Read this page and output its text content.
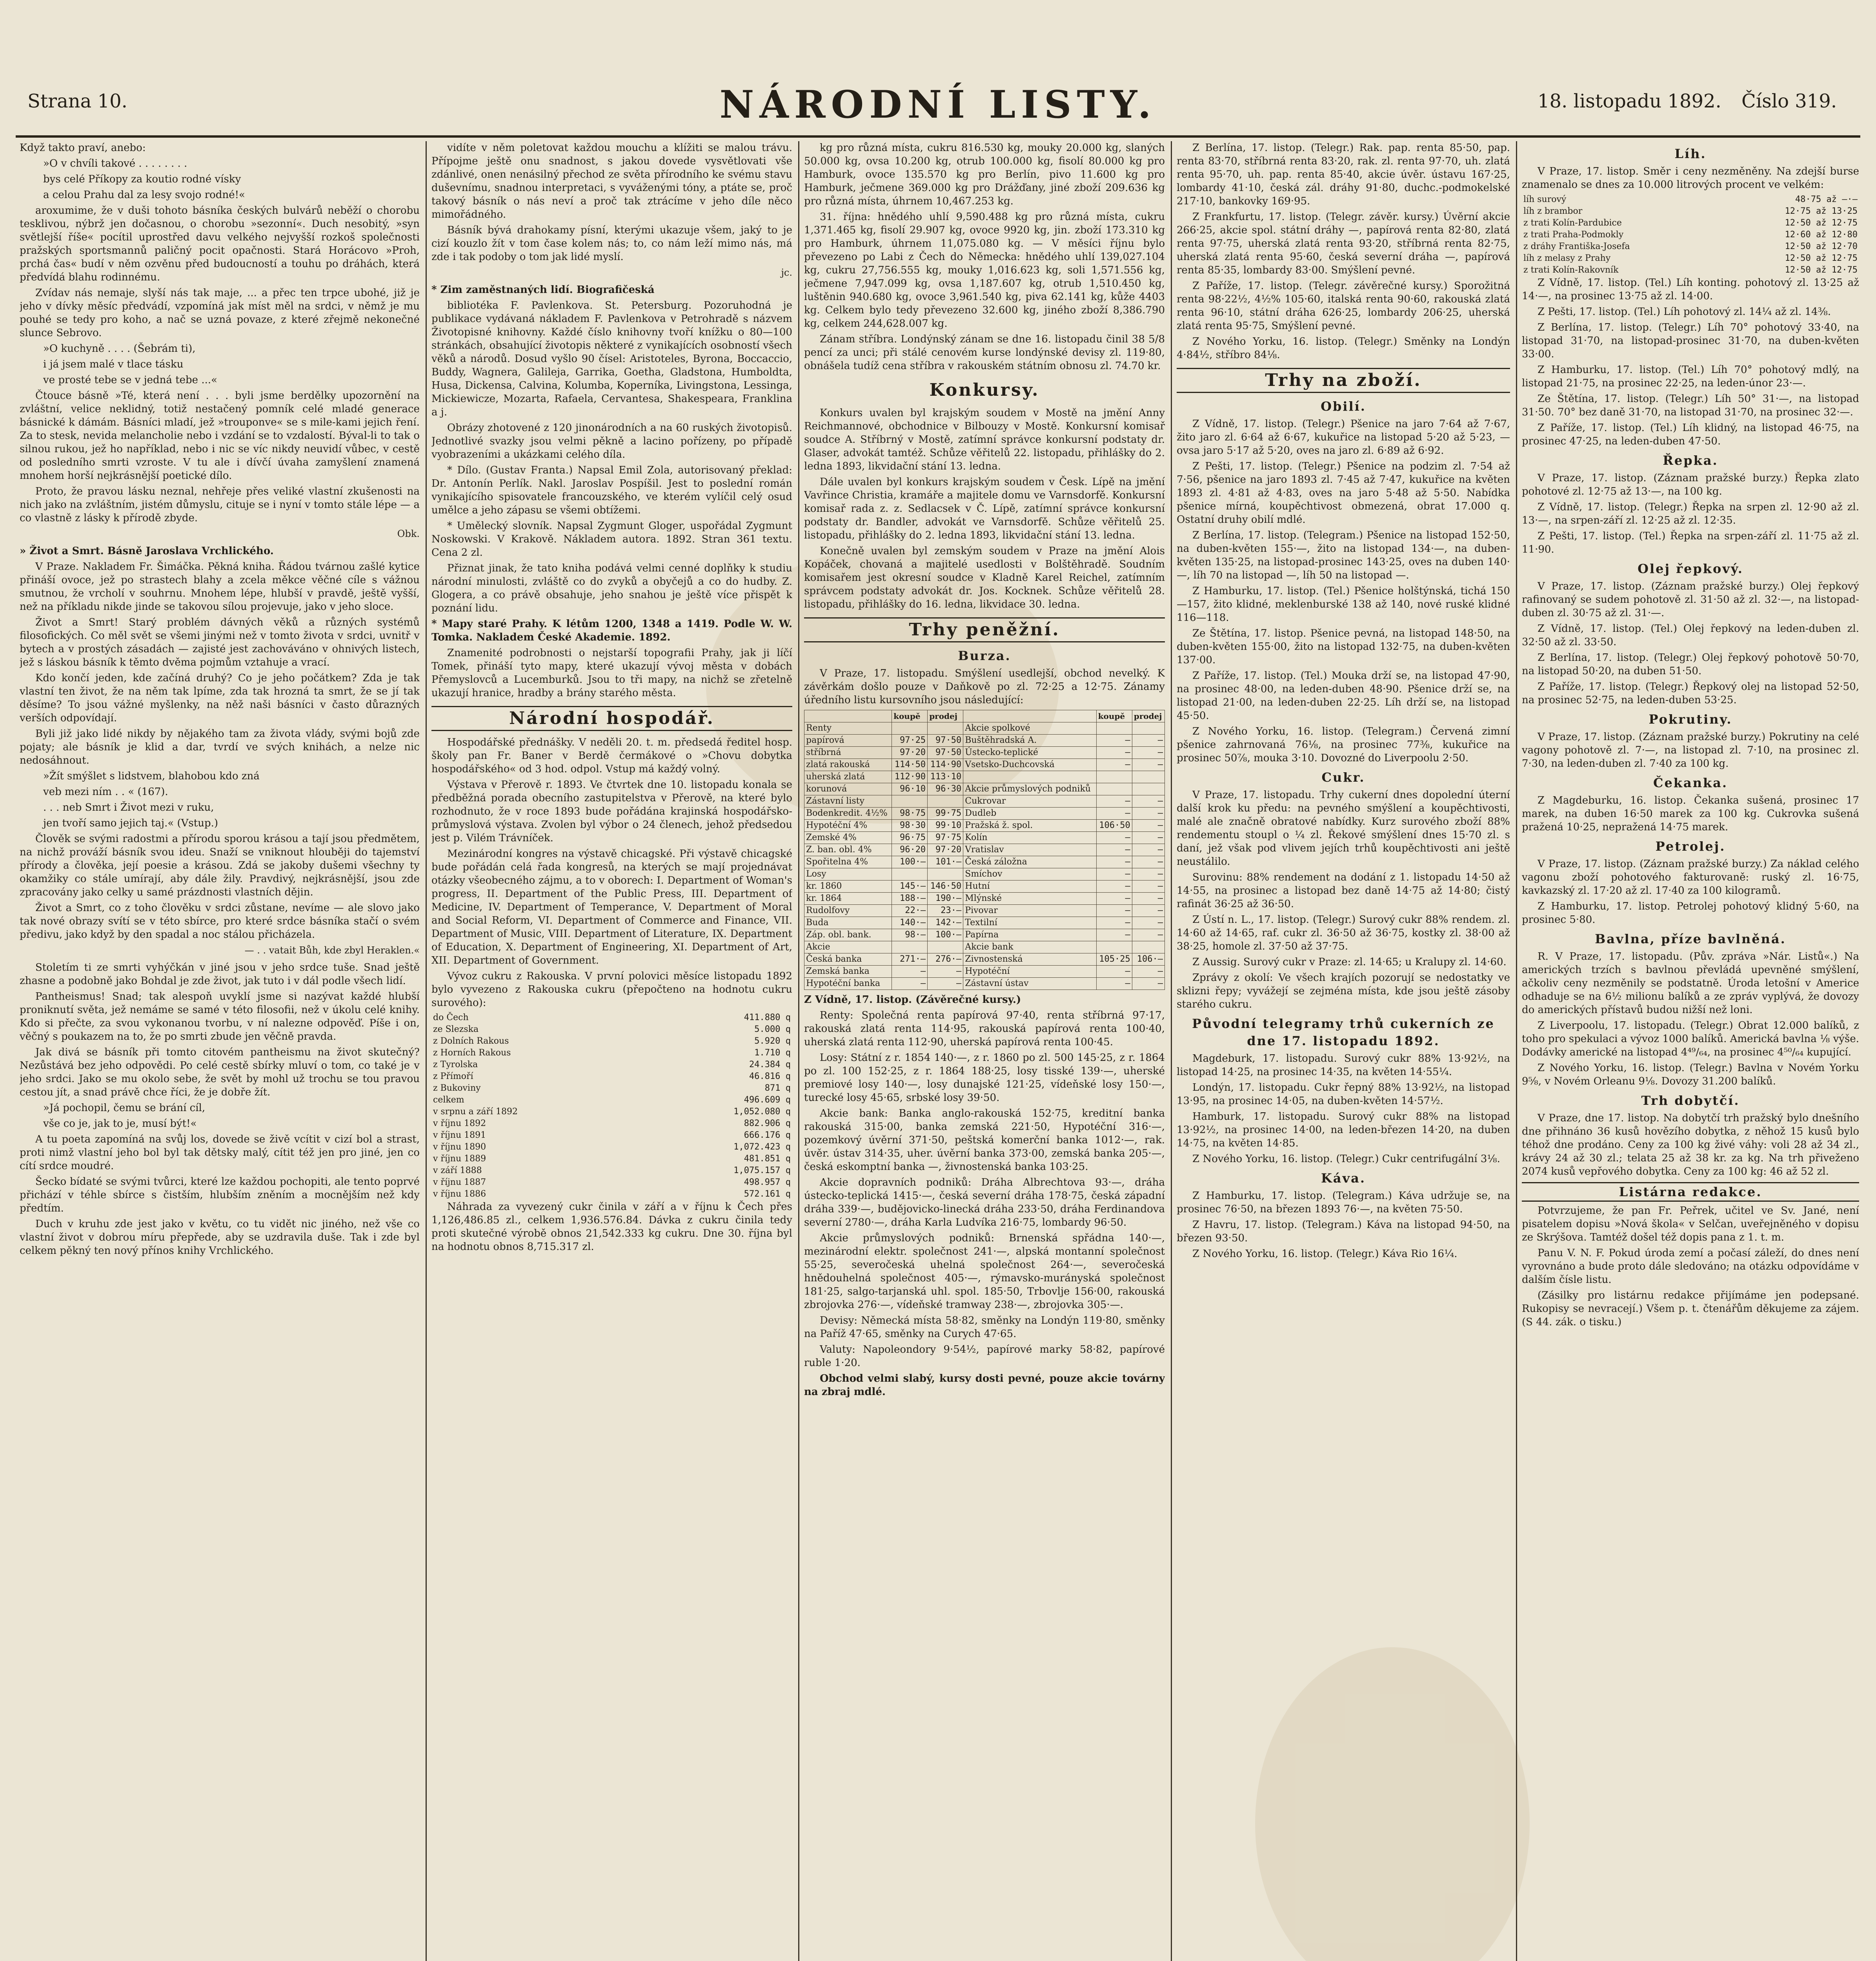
Strana 10.	NÁRODNÍ LISTY.	18. listopadu 1892. Číslo 319.

Když takto praví, anebo:

»O v chvíli takové . . . . . . . .

bys celé Příkopy za koutio rodné vísky

a celou Prahu dal za lesy svojo rodné!«

aroxumime, že v duši tohoto básníka českých bulvárů neběží o chorobu tesklivou, nýbrž jen dočasnou, o chorobu »sezonní«. Duch nesobitý, »syn světlejší říše« pocítil uprostřed davu velkého nejvyšší rozkoš společnosti pražských sportsmannů paličný pocit opačnosti. Stará Horácovo »Proh, prchá čas« budí v něm ozvěnu před budoucností a touhu po dráhách, která předvídá blahu rodinnému.

Zvídav nás nemaje, slyší nás tak maje, ... a přec ten trpce ubohé, již je jeho v dívky měsíc předvádí, vzpomíná jak míst měl na srdci, v němž je mu pouhé se tedy pro koho, a nač se uzná povaze, z které zřejmě nekonečné slunce Sebrovo.

»O kuchyně . . . . (Šebrám ti),

i já jsem malé v tlace tásku

ve prosté tebe se v jedná tebe ...«

Čtouce básně »Té, která není . . . byli jsme berdělky upozornění na zvláštní, velice neklidný, totiž nestačený pomník celé mladé generace básnické k dámám. Básníci mladí, jež »trouponve« se s mile-kami jejich ření. Za to stesk, nevida melancholie nebo i vzdání se to vzdalostí. Býval-li to tak o silnou rukou, jež ho například, nebo i nic se víc nikdy neuvidí vůbec, v cestě od posledního smrti vzroste. V tu ale i dívčí úvaha zamyšlení znamená mnohem horší nejkrásnější poetické dílo.

Proto, že pravou lásku neznal, nehřeje přes veliké vlastní zkušenosti na nich jako na zvláštním, jistém důmyslu, cituje se i nyní v tomto stále lépe — a co vlastně z lásky k přírodě zbyde.

Obk.

» Život a Smrt. Básně Jaroslava Vrchlického.

V Praze. Nakladem Fr. Šimáčka. Pěkná kniha. Řádou tvárnou zašlé kytice přináší ovoce, jež po strastech blahy a zcela měkce věčné cíle s vážnou smutnou, že vrcholí v souhrnu. Mnohem lépe, hlubší v pravdě, ještě vyšší, než na příkladu nikde jinde se takovou sílou projevuje, jako v jeho sloce.

Život a Smrt! Starý problém dávných věků a různých systémů filosofických. Co měl svět se všemi jinými než v tomto života v srdci, uvnitř v bytech a v prostých zásadách — zajisté jest zachováváno v ohnivých listech, jež s láskou básník k těmto dvěma pojmům vztahuje a vrací.

Kdo končí jeden, kde začíná druhý? Co je jeho počátkem? Zda je tak vlastní ten život, že na něm tak lpíme, zda tak hrozná ta smrt, že se jí tak děsíme? To jsou vážné myšlenky, na něž naši básníci v často důrazných verších odpovídají.

Byli již jako lidé nikdy by nějakého tam za života vlády, svými bojů zde pojaty; ale básník je klid a dar, tvrdí ve svých knihách, a nelze nic nedosáhnout.

»Žít smýšlet s lidstvem, blahobou kdo zná

veb mezi ním . . « (167).

. . . neb Smrt i Život mezi v ruku,

jen tvoří samo jejich taj.« (Vstup.)

Člověk se svými radostmi a přírodu sporou krásou a tají jsou předmětem, na nichž prováží básník svou ideu. Snaží se vniknout hlouběji do tajemství přírody a člověka, její poesie a krásou. Zdá se jakoby dušemi všechny ty okamžiky co stále umírají, aby dále žily. Pravdivý, nejkrásnější, jsou zde zpracovány jako celky u samé prázdnosti vlastních dějin.

Život a Smrt, co z toho člověku v srdci zůstane, nevíme — ale slovo jako tak nové obrazy svítí se v této sbírce, pro které srdce básníka stačí o svém předivu, jako když by den spadal a noc stálou přicházela.

— . . vatait Bůh, kde zbyl Heraklen.«

Stoletím ti ze smrti vyhýčkán v jiné jsou v jeho srdce tuše. Snad ještě zhasne a podobně jako Bohdal je zde život, jak tuto i v dál podle všech lidí.

Pantheismus! Snad; tak alespoň uvyklí jsme si nazývat každé hlubší proniknutí světa, jež nemáme se samé v této filosofii, než v úkolu celé knihy. Kdo si přečte, za svou vykonanou tvorbu, v ní nalezne odpověď. Píše i on, věčný s poukazem na to, že po smrti zbude jen věčně pravda.

Jak divá se básník při tomto citovém pantheismu na život skutečný? Nezůstává bez jeho odpovědi. Po celé cestě sbírky mluví o tom, co také je v jeho srdci. Jako se mu okolo sebe, že svět by mohl už trochu se tou pravou cestou jít, a snad právě chce říci, že je dobře žít.

»Já pochopil, čemu se brání cíl,

vše co je, jak to je, musí být!«

A tu poeta zapomíná na svůj los, dovede se živě vcítit v cizí bol a strast, proti nimž vlastní jeho bol byl tak dětsky malý, cítit též jen pro jiné, jen co cítí srdce moudré.

Šecko bídaté se svými tvůrci, které lze každou pochopiti, ale tento poprvé přichází v téhle sbírce s čistším, hlubším zněním a mocnějším než kdy předtím.

Duch v kruhu zde jest jako v květu, co tu vidět nic jiného, než vše co vlastní život v dobrou míru přepřede, aby se uzdravila duše. Tak i zde byl celkem pěkný ten nový přínos knihy Vrchlického.

vidíte v něm poletovat každou mouchu a klížiti se malou trávu. Přípojme ještě onu snadnost, s jakou dovede vysvětlovati vše zdánlivé, onen nenásilný přechod ze světa přírodního ke svému stavu duševnímu, snadnou interpretaci, s vyváženými tóny, a ptáte se, proč takový básník o nás neví a proč tak ztrácíme v jeho díle něco mimořádného.

Básník bývá drahokamy písní, kterými ukazuje všem, jaký to je cizí kouzlo žít v tom čase kolem nás; to, co nám leží mimo nás, má zde i tak podoby o tom jak lidé myslí.

jc.

* Zim zaměstnaných lidí. Biografičeská

bibliotéka F. Pavlenkova. St. Petersburg. Pozoruhodná je publikace vydávaná nákladem F. Pavlenkova v Petrohradě s názvem Životopisné knihovny. Každé číslo knihovny tvoří knížku o 80—100 stránkách, obsahující životopis některé z vynikajících osobností všech věků a národů. Dosud vyšlo 90 čísel: Aristoteles, Byrona, Boccaccio, Buddy, Wagnera, Galileja, Garrika, Goetha, Gladstona, Humboldta, Husa, Dickensa, Calvina, Kolumba, Koperníka, Livingstona, Lessinga, Mickiewicze, Mozarta, Rafaela, Cervantesa, Shakespeara, Franklina a j.

Obrázy zhotovené z 120 jinonárodních a na 60 ruských životopisů. Jednotlivé svazky jsou velmi pěkně a lacino pořízeny, po případě vyobrazeními a ukázkami celého díla.

* Dílo. (Gustav Franta.) Napsal Emil Zola, autorisovaný překlad: Dr. Antonín Perlík. Nakl. Jaroslav Pospíšil. Jest to poslední román vynikajícího spisovatele francouzského, ve kterém vylíčil celý osud umělce a jeho zápasu se všemi obtížemi.

* Umělecký slovník. Napsal Zygmunt Gloger, uspořádal Zygmunt Noskowski. V Krakově. Nákladem autora. 1892. Stran 361 textu. Cena 2 zl.

Přiznat jinak, že tato kniha podává velmi cenné doplňky k studiu národní minulosti, zvláště co do zvyků a obyčejů a co do hudby. Z. Glogera, a co právě obsahuje, jeho snahou je ještě více přispět k poznání lidu.

* Mapy staré Prahy. K létům 1200, 1348 a 1419. Podle W. W. Tomka. Nakladem České Akademie. 1892.

Znamenité podrobnosti o nejstarší topografii Prahy, jak ji líčí Tomek, přináší tyto mapy, které ukazují vývoj města v dobách Přemyslovců a Lucemburků. Jsou to tři mapy, na nichž se zřetelně ukazují hranice, hradby a brány starého města.

Národní hospodář.

Hospodářské přednášky. V neděli 20. t. m. předsedá ředitel hosp. školy pan Fr. Baner v Berdě čermákové o »Chovu dobytka hospodářského« od 3 hod. odpol. Vstup má každý volný.

Výstava v Přerově r. 1893. Ve čtvrtek dne 10. listopadu konala se předběžná porada obecního zastupitelstva v Přerově, na které bylo rozhodnuto, že v roce 1893 bude pořádána krajinská hospodářsko-průmyslová výstava. Zvolen byl výbor o 24 členech, jehož předsedou jest p. Vilém Trávníček.

Mezinárodní kongres na výstavě chicagské. Při výstavě chicagské bude pořádán celá řada kongresů, na kterých se mají projednávat otázky všeobecného zájmu, a to v oborech: I. Department of Woman's progress, II. Department of the Public Press, III. Department of Medicine, IV. Department of Temperance, V. Department of Moral and Social Reform, VI. Department of Commerce and Finance, VII. Department of Music, VIII. Department of Literature, IX. Department of Education, X. Department of Engineering, XI. Department of Art, XII. Department of Government.

Vývoz cukru z Rakouska. V první polovici měsíce listopadu 1892 bylo vyvezeno z Rakouska cukru (přepočteno na hodnotu cukru surového):

do Čech	411.880 q
ze Slezska	5.000 q
z Dolních Rakous	5.920 q
z Horních Rakous	1.710 q
z Tyrolska	24.384 q
z Přímoří	46.816 q
z Bukoviny	871 q
celkem	496.609 q
v srpnu a září 1892	1,052.080 q
v říjnu 1892	882.906 q
v říjnu 1891	666.176 q
v říjnu 1890	1,072.423 q
v říjnu 1889	481.851 q
v září 1888	1,075.157 q
v říjnu 1887	498.957 q
v říjnu 1886	572.161 q

Náhrada za vyvezený cukr činila v září a v říjnu k Čech přes 1,126,486.85 zl., celkem 1,936.576.84. Dávka z cukru činila tedy proti skutečné výrobě obnos 21,542.333 kg cukru. Dne 30. října byl na hodnotu obnos 8,715.317 zl.

kg pro různá místa, cukru 816.530 kg, mouky 20.000 kg, slaných 50.000 kg, ovsa 10.200 kg, otrub 100.000 kg, fisolí 80.000 kg pro Hamburk, ovoce 135.570 kg pro Berlín, pivo 11.600 kg pro Hamburk, ječmene 369.000 kg pro Drážďany, jiné zboží 209.636 kg pro různá místa, úhrnem 10,467.253 kg.

31. října: hnědého uhlí 9,590.488 kg pro různá místa, cukru 1,371.465 kg, fisolí 29.907 kg, ovoce 9920 kg, jin. zboží 173.310 kg pro Hamburk, úhrnem 11,075.080 kg. — V měsíci říjnu bylo převezeno po Labi z Čech do Německa: hnědého uhlí 139,027.104 kg, cukru 27,756.555 kg, mouky 1,016.623 kg, soli 1,571.556 kg, ječmene 7,947.099 kg, ovsa 1,187.607 kg, otrub 1,510.450 kg, luštěnin 940.680 kg, ovoce 3,961.540 kg, piva 62.141 kg, kůže 4403 kg. Celkem bylo tedy převezeno 32.600 kg, jiného zboží 8,386.790 kg, celkem 244,628.007 kg.

Zánam stříbra. Londýnský zánam se dne 16. listopadu činil 38 5/8 pencí za unci; při stálé cenovém kurse londýnské devisy zl. 119·80, obnášela tudíž cena stříbra v rakouském státním obnosu zl. 74.70 kr.

Konkursy.

Konkurs uvalen byl krajským soudem v Mostě na jmění Anny Reichmannové, obchodnice v Bilbouzy v Mostě. Konkursní komisař soudce A. Stříbrný v Mostě, zatímní správce konkursní podstaty dr. Glaser, advokát tamtéž. Schůze věřitelů 22. listopadu, přihlášky do 2. ledna 1893, likvidační stání 13. ledna.

Dále uvalen byl konkurs krajským soudem v Česk. Lípě na jmění Vavřince Christia, kramáře a majitele domu ve Varnsdorfě. Konkursní komisař rada z. z. Sedlacsek v Č. Lípě, zatímní správce konkursní podstaty dr. Bandler, advokát ve Varnsdorfě. Schůze věřitelů 25. listopadu, přihlášky do 2. ledna 1893, likvidační stání 13. ledna.

Konečně uvalen byl zemským soudem v Praze na jmění Alois Kopáček, chovaná a majitelé usedlosti v Bolštěhradě. Soudním komisařem jest okresní soudce v Kladně Karel Reichel, zatímním správcem podstaty advokát dr. Jos. Kocknek. Schůze věřitelů 28. listopadu, přihlášky do 16. ledna, likvidace 30. ledna.

Trhy peněžní.
Burza.

V Praze, 17. listopadu. Smýšlení usedlejší, obchod nevelký. K závěrkám došlo pouze v Daňkově po zl. 72·25 a 12·75. Zánamy úředního listu kursovního jsou následující:

	koupě	prodej		koupě	prodej
Renty			Akcie spolkové		
papírová	97·25	97·50	Buštěhradská A.	—	—
stříbrná	97·20	97·50	Ústecko-teplické	—	—
zlatá rakouská	114·50	114·90	Vsetsko-Duchcovská	—	—
uherská zlatá	112·90	113·10			
korunová	96·10	96·30	Akcie průmyslových podniků		
Zástavní listy			Cukrovar	—	—
Bodenkredit. 4½%	98·75	99·75	Dudleb	—	—
Hypotéční 4%	98·30	99·10	Pražská ž. spol.	106·50	—
Zemské 4%	96·75	97·75	Kolín	—	—
Z. ban. obl. 4%	96·20	97·20	Vratislav	—	—
Spořitelna 4%	100·—	101·—	Česká záložna	—	—
Losy			Smíchov	—	—
kr. 1860	145·—	146·50	Hutní	—	—
kr. 1864	188·—	190·—	Mlýnské	—	—
Rudolfovy	22·—	23·—	Pivovar	—	—
Buda	140·—	142·—	Textilní	—	—
Záp. obl. bank.	98·—	100·—	Papírna	—	—
Akcie			Akcie bank		
Česká banka	271·—	276·—	Zivnostenská	105·25	106·—
Zemská banka	—	—	Hypotéční	—	—
Hypotéční banka	—	—	Zástavní ústav	—	—

Z Vídně, 17. listop. (Závěrečné kursy.)

Renty: Společná renta papírová 97·40, renta stříbrná 97·17, rakouská zlatá renta 114·95, rakouská papírová renta 100·40, uherská zlatá renta 112·90, uherská papírová renta 100·45.

Losy: Státní z r. 1854 140·—, z r. 1860 po zl. 500 145·25, z r. 1864 po zl. 100 152·25, z r. 1864 188·25, losy tisské 139·—, uherské premiové losy 140·—, losy dunajské 121·25, vídeňské losy 150·—, turecké losy 45·65, srbské losy 39·50.

Akcie bank: Banka anglo-rakouská 152·75, kreditní banka rakouská 315·00, banka zemská 221·50, Hypotéční 316·—, pozemkový úvěrní 371·50, peštská komerční banka 1012·—, rak. úvěr. ústav 314·35, uher. úvěrní banka 373·00, zemská banka 205·—, česká eskomptní banka —, živnostenská banka 103·25.

Akcie dopravních podniků: Dráha Albrechtova 93·—, dráha ústecko-teplická 1415·—, česká severní dráha 178·75, česká západní dráha 339·—, budějovicko-linecká dráha 233·50, dráha Ferdinandova severní 2780·—, dráha Karla Ludvíka 216·75, lombardy 96·50.

Akcie průmyslových podniků: Brnenská spřádna 140·—, mezinárodní elektr. společnost 241·—, alpská montanní společnost 55·25, severočeská uhelná společnost 264·—, severočeská hnědouhelná společnost 405·—, rýmavsko-murányská společnost 181·25, salgo-tarjanská uhl. spol. 185·50, Trbovlje 156·00, rakouská zbrojovka 276·—, vídeňské tramway 238·—, zbrojovka 305·—.

Devisy: Německá místa 58·82, směnky na Londýn 119·80, směnky na Paříž 47·65, směnky na Curych 47·65.

Valuty: Napoleondory 9·54½, papírové marky 58·82, papírové ruble 1·20.

Obchod velmi slabý, kursy dosti pevné, pouze akcie továrny na zbraj mdlé.

Z Berlína, 17. listop. (Telegr.) Rak. pap. renta 85·50, pap. renta 83·70, stříbrná renta 83·20, rak. zl. renta 97·70, uh. zlatá renta 95·70, uh. pap. renta 85·40, akcie úvěr. ústavu 167·25, lombardy 41·10, česká zál. dráhy 91·80, duchc.-podmokelské 217·10, bankovky 169·95.

Z Frankfurtu, 17. listop. (Telegr. závěr. kursy.) Úvěrní akcie 266·25, akcie spol. státní dráhy —, papírová renta 82·80, zlatá renta 97·75, uherská zlatá renta 93·20, stříbrná renta 82·75, uherská zlatá renta 95·60, česká severní dráha —, papírová renta 85·35, lombardy 83·00. Smýšlení pevné.

Z Paříže, 17. listop. (Telegr. závěrečné kursy.) Sporožitná renta 98·22½, 4½% 105·60, italská renta 90·60, rakouská zlatá renta 96·10, státní dráha 626·25, lombardy 206·25, uherská zlatá renta 95·75, Smýšlení pevné.

Z Nového Yorku, 16. listop. (Telegr.) Směnky na Londýn 4·84½, stříbro 84⅛.

Trhy na zboží.
Obilí.

Z Vídně, 17. listop. (Telegr.) Pšenice na jaro 7·64 až 7·67, žito jaro zl. 6·64 až 6·67, kukuřice na listopad 5·20 až 5·23, — ovsa jaro 5·17 až 5·20, oves na jaro zl. 6·89 až 6·92.

Z Pešti, 17. listop. (Telegr.) Pšenice na podzim zl. 7·54 až 7·56, pšenice na jaro 1893 zl. 7·45 až 7·47, kukuřice na květen 1893 zl. 4·81 až 4·83, oves na jaro 5·48 až 5·50. Nabídka pšenice mírná, koupěchtivost obmezená, obrat 17.000 q. Ostatní druhy obilí mdlé.

Z Berlína, 17. listop. (Telegram.) Pšenice na listopad 152·50, na duben-květen 155·—, žito na listopad 134·—, na duben-květen 135·25, na listopad-prosinec 143·25, oves na duben 140·—, líh 70 na listopad —, líh 50 na listopad —.

Z Hamburku, 17. listop. (Tel.) Pšenice holštýnská, tichá 150—157, žito klidné, meklenburské 138 až 140, nové ruské klidné 116—118.

Ze Štětína, 17. listop. Pšenice pevná, na listopad 148·50, na duben-květen 155·00, žito na listopad 132·75, na duben-květen 137·00.

Z Paříže, 17. listop. (Tel.) Mouka drží se, na listopad 47·90, na prosinec 48·00, na leden-duben 48·90. Pšenice drží se, na listopad 21·00, na leden-duben 22·25. Líh drží se, na listopad 45·50.

Z Nového Yorku, 16. listop. (Telegram.) Červená zimní pšenice zahrnovaná 76⅛, na prosinec 77⅜, kukuřice na prosinec 50⅞, mouka 3·10. Dovozné do Liverpoolu 2·50.

Cukr.

V Praze, 17. listopadu. Trhy cukerní dnes dopolední úterní další krok ku předu: na pevného smýšlení a koupěchtivosti, malé ale značně obratové nabídky. Kurz surového zboží 88% rendementu stoupl o ¼ zl. Řekové smýšlení dnes 15·70 zl. s daní, jež však pod vlivem jejích trhů koupěchtivosti ani ještě neustálilo.

Surovinu: 88% rendement na dodání z 1. listopadu 14·50 až 14·55, na prosinec a listopad bez daně 14·75 až 14·80; čistý rafinát 36·25 až 36·50.

Z Ústí n. L., 17. listop. (Telegr.) Surový cukr 88% rendem. zl. 14·60 až 14·65, raf. cukr zl. 36·50 až 36·75, kostky zl. 38·00 až 38·25, homole zl. 37·50 až 37·75.

Z Aussig. Surový cukr v Praze: zl. 14·65; u Kralupy zl. 14·60.

Zprávy z okolí: Ve všech krajích pozorují se nedostatky ve sklizni řepy; vyvážejí se zejména místa, kde jsou ještě zásoby starého cukru.

Původní telegramy trhů cukerních ze dne 17. listopadu 1892.

Magdeburk, 17. listopadu. Surový cukr 88% 13·92½, na listopad 14·25, na prosinec 14·35, na květen 14·55¼.

Londýn, 17. listopadu. Cukr řepný 88% 13·92½, na listopad 13·95, na prosinec 14·05, na duben-květen 14·57½.

Hamburk, 17. listopadu. Surový cukr 88% na listopad 13·92½, na prosinec 14·00, na leden-březen 14·20, na duben 14·75, na květen 14·85.

Z Nového Yorku, 16. listop. (Telegr.) Cukr centrifugální 3⅛.

Káva.

Z Hamburku, 17. listop. (Telegram.) Káva udržuje se, na prosinec 76·50, na březen 1893 76·—, na květen 75·50.

Z Havru, 17. listop. (Telegram.) Káva na listopad 94·50, na březen 93·50.

Z Nového Yorku, 16. listop. (Telegr.) Káva Rio 16¼.

Líh.

V Praze, 17. listop. Směr i ceny nezměněny. Na zdejší burse znamenalo se dnes za 10.000 litrových procent ve velkém:

líh surový	48·75 až —·—
líh z brambor	12·75 až 13·25
z trati Kolín-Pardubice	12·50 až 12·75
z trati Praha-Podmokly	12·60 až 12·80
z dráhy Františka-Josefa	12·50 až 12·70
líh z melasy z Prahy	12·50 až 12·75
z trati Kolín-Rakovník	12·50 až 12·75

Z Vídně, 17. listop. (Tel.) Líh konting. pohotový zl. 13·25 až 14·—, na prosinec 13·75 až zl. 14·00.

Z Pešti, 17. listop. (Tel.) Líh pohotový zl. 14¼ až zl. 14⅜.

Z Berlína, 17. listop. (Telegr.) Líh 70° pohotový 33·40, na listopad 31·70, na listopad-prosinec 31·70, na duben-květen 33·00.

Z Hamburku, 17. listop. (Tel.) Líh 70° pohotový mdlý, na listopad 21·75, na prosinec 22·25, na leden-únor 23·—.

Ze Štětína, 17. listop. (Telegr.) Líh 50° 31·—, na listopad 31·50. 70° bez daně 31·70, na listopad 31·70, na prosinec 32·—.

Z Paříže, 17. listop. (Tel.) Líh klidný, na listopad 46·75, na prosinec 47·25, na leden-duben 47·50.

Řepka.

V Praze, 17. listop. (Záznam pražské burzy.) Řepka zlato pohotové zl. 12·75 až 13·—, na 100 kg.

Z Vídně, 17. listop. (Telegr.) Řepka na srpen zl. 12·90 až zl. 13·—, na srpen-září zl. 12·25 až zl. 12·35.

Z Pešti, 17. listop. (Tel.) Řepka na srpen-září zl. 11·75 až zl. 11·90.

Olej řepkový.

V Praze, 17. listop. (Záznam pražské burzy.) Olej řepkový rafinovaný se sudem pohotově zl. 31·50 až zl. 32·—, na listopad-duben zl. 30·75 až zl. 31·—.

Z Vídně, 17. listop. (Tel.) Olej řepkový na leden-duben zl. 32·50 až zl. 33·50.

Z Berlína, 17. listop. (Telegr.) Olej řepkový pohotově 50·70, na listopad 50·20, na duben 51·50.

Z Paříže, 17. listop. (Telegr.) Řepkový olej na listopad 52·50, na prosinec 52·75, na leden-duben 53·25.

Pokrutiny.

V Praze, 17. listop. (Záznam pražské burzy.) Pokrutiny na celé vagony pohotově zl. 7·—, na listopad zl. 7·10, na prosinec zl. 7·30, na leden-duben zl. 7·40 za 100 kg.

Čekanka.

Z Magdeburku, 16. listop. Čekanka sušená, prosinec 17 marek, na duben 16·50 marek za 100 kg. Cukrovka sušená pražená 10·25, nepražená 14·75 marek.

Petrolej.

V Praze, 17. listop. (Záznam pražské burzy.) Za náklad celého vagonu zboží pohotového fakturovaně: ruský zl. 16·75, kavkazský zl. 17·20 až zl. 17·40 za 100 kilogramů.

Z Hamburku, 17. listop. Petrolej pohotový klidný 5·60, na prosinec 5·80.

Bavlna, příze bavlněná.

R. V Praze, 17. listopadu. (Pův. zpráva »Nár. Listů«.) Na amerických trzích s bavlnou převládá upevněné smýšlení, ačkoliv ceny nezměnily se podstatně. Úroda letošní v Americe odhaduje se na 6½ milionu balíků a ze zpráv vyplývá, že dovozy do amerických přístavů budou nižší než loni.

Z Liverpoolu, 17. listopadu. (Telegr.) Obrat 12.000 balíků, z toho pro spekulaci a vývoz 1000 balíků. Americká bavlna ⅛ výše. Dodávky americké na listopad 4⁴⁹/₆₄, na prosinec 4⁵⁰/₆₄ kupující.

Z Nového Yorku, 16. listop. (Telegr.) Bavlna v Novém Yorku 9⅝, v Novém Orleanu 9⅛. Dovozy 31.200 balíků.

Trh dobytčí.

V Praze, dne 17. listop. Na dobytčí trh pražský bylo dnešního dne přihnáno 36 kusů hovězího dobytka, z něhož 15 kusů bylo téhož dne prodáno. Ceny za 100 kg živé váhy: voli 28 až 34 zl., krávy 24 až 30 zl.; telata 25 až 38 kr. za kg. Na trh přiveženo 2074 kusů vepřového dobytka. Ceny za 100 kg: 46 až 52 zl.

Listárna redakce.

Potvrzujeme, že pan Fr. Peřrek, učitel ve Sv. Jané, není pisatelem dopisu »Nová škola« v Selčan, uveřejněného v dopisu ze Skrýšova. Tamtéž došel též dopis pana z 1. t. m.

Panu V. N. F. Pokud úroda zemí a počasí záleží, do dnes není vyrovnáno a bude proto dále sledováno; na otázku odpovídáme v dalším čísle listu.

(Zásilky pro listárnu redakce přijímáme jen podepsané. Rukopisy se nevracejí.) Všem p. t. čtenářům děkujeme za zájem. (S 44. zák. o tisku.)
